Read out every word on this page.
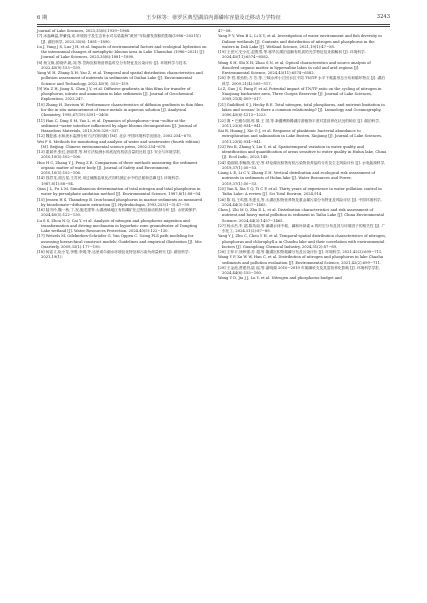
6 期	王少林等：蒂罗区典型湖泊内源磷库容量及迁移动力学特征	3243

Journal of Lake Sciences, 2023,35(6):1939−1968.

[7] 冰盎峰温,罗紫莼,邓,环境因子及生态补水对乌梁素海“黄苔”年际暴发面积的影响(1986−2021年) [J]. 湖泊科学, 2023,35(6): 1881−1890.

Lu J, Yang J S, Luo J H, et al. Impacts of environmental factors and ecological hydration on the interannual changes of metaphytic blooms area in Lake Ulansuhai (1986−2021) [J]. Journal of Lake Sciences, 2023,35(6):1881−1890.

[8] 杨文焕,侯晓华,姚,刘,等.岱海沉积物营养盐时空分布特征及污染评价 [J]. 环境科学与技术, 2022,45(9):153−159.

Yang W H, Zhang X H, Yao Z, et al. Temporal and spatial distribution characteristics and pollution assessment of nutrients in sediments of Daihai Lake [J]. Environmental Science and Technology, 2022,45(9) :153−159.

[9] Wu Z H, Jiang X, Chen J Y, et al. Diffusive gradients in thin films for transfer of phosphorus, nitrate and ammonium in lake sediments [J]. Journal of Geochemical Exploration, 2023,247.

[10] Zhang H, Davison W. Performance characteristics of diffusion gradients in thin films for the in situ measurement of trace metals in aqueous solution [J]. Analytical Chemistry, 1995,67(19):3391−3400.

[11] Han C, Ding S M, Yao L, et al. Dynamics of phosphorus−iron−sulfur at the sediment−water interface influenced by algae blooms decomposition [J]. Journal of Hazardous Materials, 2015,300:329−337.

[12] 魏复盛.水和废水监测分析方法(第四版) [M]. 北京:中国环境科学出版社, 2002:254−670.

Wei F S. Methods for monitoring and analysis of water and wastewater (fourth edition) [M]. Beijing: Chinese environmental science press, 2002:254−670.

[13] 霍斌华,张红,彭丽君,等.种方法检测水体底泥有机质含量的比较 [J]. 安全与环境学报, 2010,10(5):102−106.

Huo H C, Zhang Y J, Peng Z R. Comparison of three methods measuring the sediment organic matter of water body [J]. Journal of Safety and Environment, 2010,10(5):102−106.

[14] 钱君龙,胡五星,王苏民.用过硫酸盐氧化法同时测定水中的总氮和总磷 [J]. 环境科学, 1987,8(1):88−94.

Qian J L, Fu L M, Simultaneous determination of total nitrogen and total phosphorus in water by persulphate oxidation method [J]. Environmental Science, 1987,8(1):88−94.

[15] Jensen H S, Thamdrup B. Iron-bound phosphorus in marine sediments as measured by bicarbonate−dithionite extraction [J]. Hydrobiologia, 1993,253(1−3):47−59.

[16] 陆书玲,魏一秋,丁,祝,施龙建等.太湖流域地区有机磷矿化过程及驱动机制分析 [J]. 水资源保护, 2024,40(5):122−130.

Lu S S, Zhou N Q, Cai Y, et al. Analysis of nitrogen and phosphorus migration and transformation and driving mechanism in hyporheic zone groundwater of Dongting Lake wetland [J]. Water Resources Protection, 2024,40(5):122−130.

[17] Wetzels M, Odekerken-Schröder G, Van Oppen C. Using PLS path modeling for assessing hierarchical construct models: Guidelines and empirical illustration [J]. Mis Quarterly, 2009,33(1):177−195.

[18] 杨富义,阮小龙,李骏,李炳,等.达里诺尔湖水环境及化特征和污染负荷量研究 [J]. 湖泊科学, 2021,19(1):

47−58.

Yang F Y, Wen B L, Li X Y, et al. Investigation of water environment and fish diversity in Dalinor wetlands [J]. Contents and distribution of nitrogen and phosphorus in the waters in Dali Lake [J]. Wetland Science, 2021,19(1):47−58.

[19] 王世兴,史小红,赵胜男,等.寒旱区湖泊溶解有机质的光学特征及来源解析 [J]. 环境科学, 2024,45(11):6574−6582.

Wang S H, Shi X H, Zhao S N, et al. Optical characteristics and source analysis of dissolved organic matter in hypersaline lakes in cold and arid regions [J]. Environmental Science, 2024,45(11):6574−6582.

[20] 李 哲,郭劲松,方 芳,等.三峡水库小江回水区不同 TN/TP 水平下氮素形态分布和循环特点 [J]. 湖泊科学, 2009,21(4):509−517.

Li Z, Guo J S, Fang F, et al. Potential impact of TN/TP ratio on the cycling of nitrogen in Xiaojiang backwater area, Three Gorges Reservoir [J]. Journal of Lake Sciences, 2009,21(4):509−517.

[21] Guildford S J, Hecky R E. Total nitrogen, total phosphorus, and nutrient limitation in lakes and oceans: Is there a common relationship? [J]. Limnology and Oceanography, 2000,45(6):1213−1223.

[22] 赛 • 巴雅尔图,郭 倩,王 国,等.新疆博斯腾湖浮游植物丰度对富营养化状况的响应 [J]. 湖泊科学, 2011,23(6):934−941.

Sai B, Huang J, Xie G J, et al. Response of planktonic bacterial abundance to eutrophication and salinization in Lake Bosten, Xinjiang [J]. Journal of Lake Sciences, 2011,23(6):934−941.

[23] Wu R, Zhang Y, Liu Y, et al. Spatiotemporal variation in water quality and identification and quantification of areas sensitive to water quality in Hulun lake, China [J]. Ecol Indic, 2023,149.

[24] 梁丽娟,李畅游,张,史,等.呼伦湖沉积物有机污染物营养盐的分布及生态风险评价 [J]. 水电能源科学, 2019,37(1):50−53.

Liang L E, Li C Y, Zhang Z H. Vertical distribution and ecological risk assessment of nutrients in sediments of Hulun lake [J]. Water Resources and Power, 2019,37(1):50−53.

[25] Yan X, Xia Y Q, Ti C P, et al. Thirty years of experience in water pollution control in Taihu Lake: A review [J]. Sci Total Environ, 2024,914.

[26] 陈 珏,王鸣强,朱建戈,等.太湖沉积物营养物及重金属污染分布特征及风险评估 [J]. 中国环境科学, 2024,44(3):1457−1465.

Chen J, Zhi M Q, Zhu D L, et al. Distribution characteristics and risk assessment of nutrient and heavy metal pollution in sediment in Taihu Lake [J]. China Environmental Science, 2024,44(3):1457−1465.

[27] 杨水杰,朱 超,陈英南,等.潮湖水体中氮、磷和叶绿素 a 的时空分布及其与环境因子的相关性 [J]. 广东化工, 2024,51(2):87−89.

Yang Y J, Zhu C, Chen Y H, et al. Temporal-spatial distribution characteristics of nitrogen, phosphorus and chlorophyll a in Chaohu lake and their correlation with environmental factors [J]. Guangdong Chemical Industry, 2024,51(2):87−89.

[28] 王梓平,徐炜强,苏 超,等.徽湖沉积物氮磷分布及污染评价 [J]. 环境科学, 2021,42(2):699−711.

Wang Y P, Xu W W, Han C, et al. Distribution of nitrogen and phosphorus in lake Chaohu sediments and pollution evaluation [J]. Environmental Science, 2021,42(2):699−711.

[29] 王金池,贾建昌,陆 瑶,等.嘉明湖 2010−2019 年氮磷收支及其富营养化影响 [J]. 环境科学学报, 2024,44(6):155−160.

Wang Y D, Jia J J, Lu Y, et al. Nitrogen and phosphorus budget and
